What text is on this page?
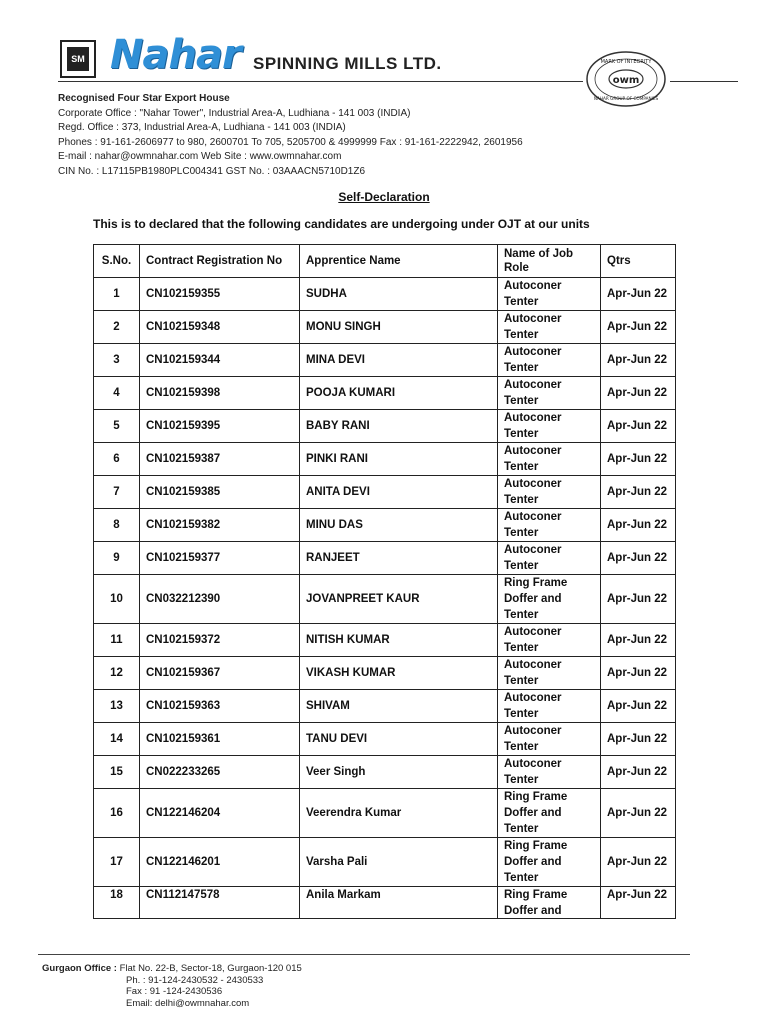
SM Nahar SPINNING MILLS LTD.
owm
MARK OF INTEGRITY
NAHAR GROUP OF COMPANIES
Recognised Four Star Export House
Corporate Office : "Nahar Tower", Industrial Area-A, Ludhiana - 141 003 (INDIA)
Regd. Office : 373, Industrial Area-A, Ludhiana - 141 003 (INDIA)
Phones : 91-161-2606977 to 980, 2600701 To 705, 5205700 & 4999999 Fax : 91-161-2222942, 2601956
E-mail : nahar@owmnahar.com Web Site : www.owmnahar.com
CIN No. : L17115PB1980PLC004341 GST No. : 03AAACN5710D1Z6
Self-Declaration
This is to declared that the following candidates are undergoing under OJT at our units
S.No.	Contract Registration No	Apprentice Name	Name of Job Role	Qtrs
1	CN102159355	SUDHA	Autoconer Tenter	Apr-Jun 22
2	CN102159348	MONU SINGH	Autoconer Tenter	Apr-Jun 22
3	CN102159344	MINA DEVI	Autoconer Tenter	Apr-Jun 22
4	CN102159398	POOJA KUMARI	Autoconer Tenter	Apr-Jun 22
5	CN102159395	BABY RANI	Autoconer Tenter	Apr-Jun 22
6	CN102159387	PINKI RANI	Autoconer Tenter	Apr-Jun 22
7	CN102159385	ANITA DEVI	Autoconer Tenter	Apr-Jun 22
8	CN102159382	MINU DAS	Autoconer Tenter	Apr-Jun 22
9	CN102159377	RANJEET	Autoconer Tenter	Apr-Jun 22
10	CN032212390	JOVANPREET KAUR	Ring Frame Doffer and Tenter	Apr-Jun 22
11	CN102159372	NITISH KUMAR	Autoconer Tenter	Apr-Jun 22
12	CN102159367	VIKASH KUMAR	Autoconer Tenter	Apr-Jun 22
13	CN102159363	SHIVAM	Autoconer Tenter	Apr-Jun 22
14	CN102159361	TANU DEVI	Autoconer Tenter	Apr-Jun 22
15	CN022233265	Veer Singh	Autoconer Tenter	Apr-Jun 22
16	CN122146204	Veerendra Kumar	Ring Frame Doffer and Tenter	Apr-Jun 22
17	CN122146201	Varsha Pali	Ring Frame Doffer and Tenter	Apr-Jun 22
18	CN112147578	Anila Markam	Ring Frame Doffer and	Apr-Jun 22
Gurgaon Office : Flat No. 22-B, Sector-18, Gurgaon-120 015
Ph. : 91-124-2430532 - 2430533
Fax : 91 -124-2430536
Email: delhi@owmnahar.com
